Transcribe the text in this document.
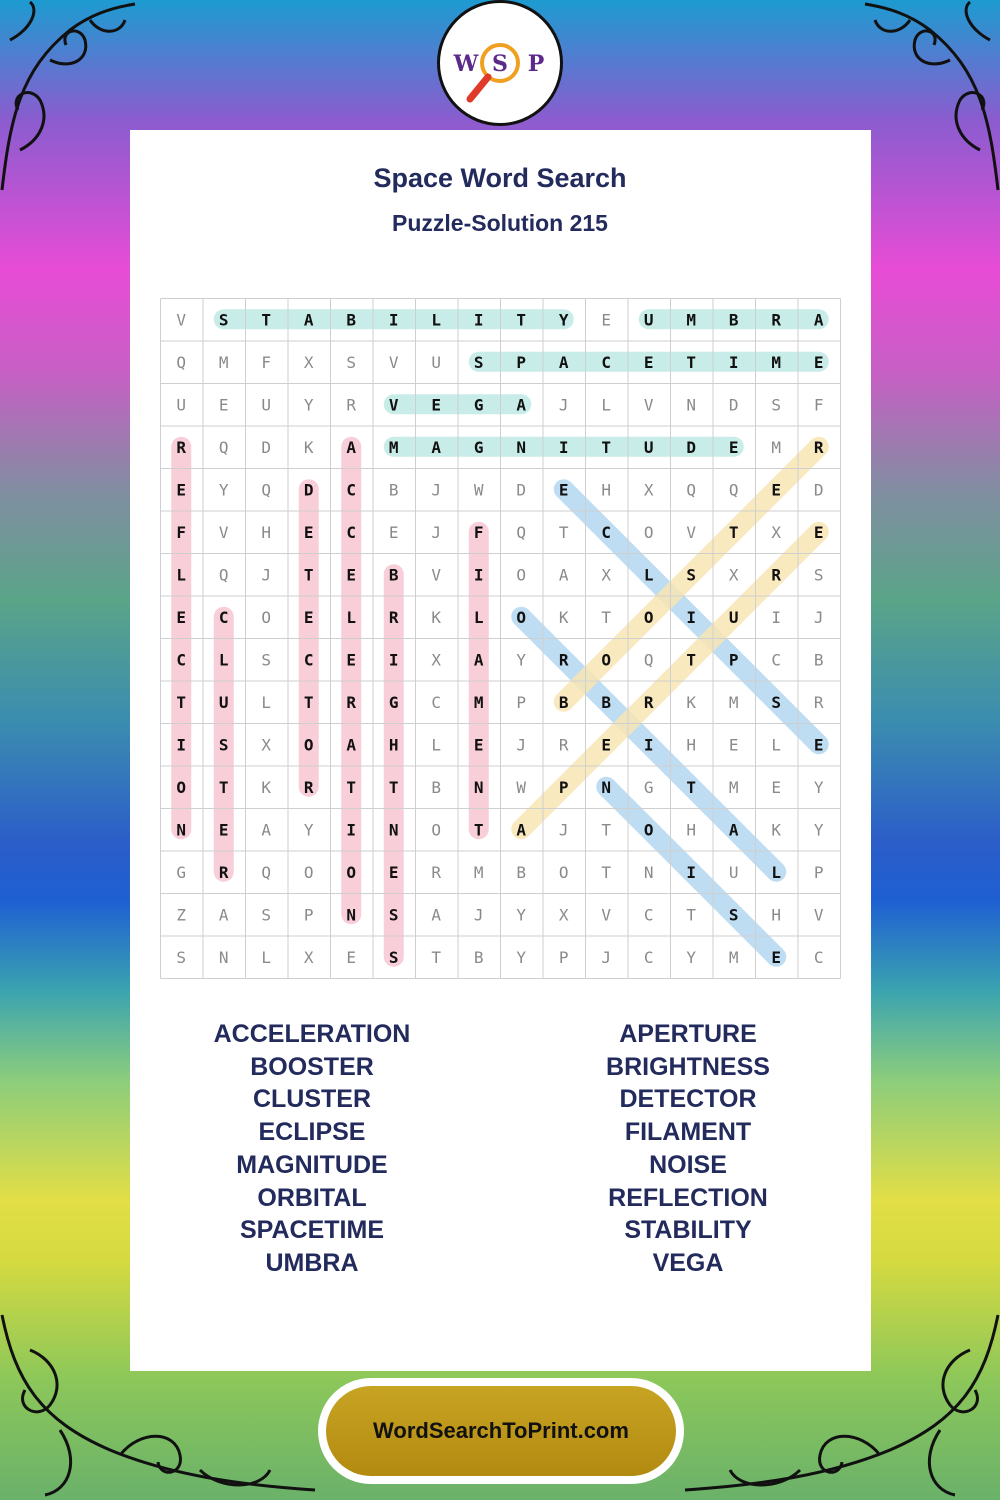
W S P
Space Word Search
Puzzle-Solution 215
V S T A B I L I T Y E U M B R A
Q M F X S V U S P A C E T I M E
U E U Y R V E G A J L V N D S F
R Q D K A M A G N I T U D E M R
E Y Q D C B J W D E H X Q Q E D
F V H E C E J F Q T C O V T X E
L Q J T E B V I O A X L S X R S
E C O E L R K L O K T O I U I J
C L S C E I X A Y R O Q T P C B
T U L T R G C M P B B R K M S R
I S X O A H L E J R E I H E L E
O T K R T T B N W P N G T M E Y
N E A Y I N O T A J T O H A K Y
G R Q O O E R M B O T N I U L P
Z A S P N S A J Y X V C T S H V
S N L X E S T B Y P J C Y M E C
WordSearchToPrint.com
ACCELERATION
BOOSTER
CLUSTER
ECLIPSE
MAGNITUDE
ORBITAL
SPACETIME
UMBRA
APERTURE
BRIGHTNESS
DETECTOR
FILAMENT
NOISE
REFLECTION
STABILITY
VEGA
